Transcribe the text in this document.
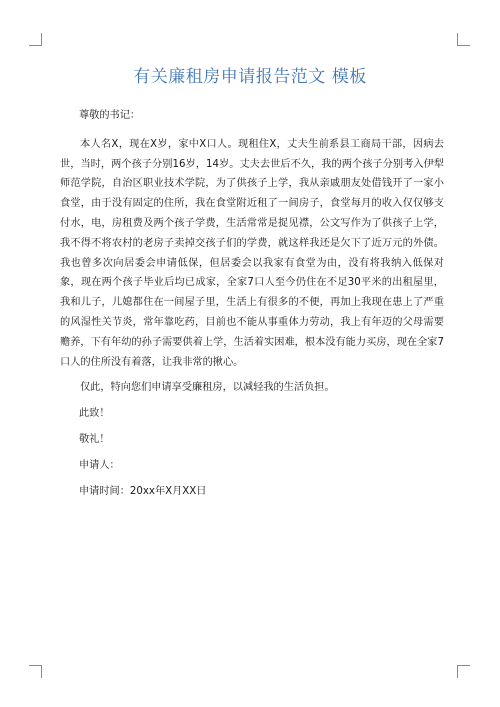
有关廉租房申请报告范文 模板

尊敬的书记：

本人名X，现在X岁，家中X口人。现租住X，丈夫生前系县工商局干部，因病去世，当时，两个孩子分别16岁，14岁。丈夫去世后不久，我的两个孩子分别考入伊犁师范学院，自治区职业技术学院，为了供孩子上学，我从亲戚朋友处借钱开了一家小食堂，由于没有固定的住所，我在食堂附近租了一间房子，食堂每月的收入仅仅够支付水，电，房租费及两个孩子学费，生活常常是捉见襟，公文写作为了供孩子上学，我不得不将农村的老房子卖掉交孩子们的学费，就这样我还是欠下了近万元的外债。我也曾多次向居委会申请低保，但居委会以我家有食堂为由，没有将我纳入低保对象，现在两个孩子毕业后均已成家，全家7口人至今仍住在不足30平米的出租屋里，我和儿子，儿媳都住在一间屋子里，生活上有很多的不便，再加上我现在患上了严重的风湿性关节炎，常年靠吃药，目前也不能从事重体力劳动，我上有年迈的父母需要赡养，下有年幼的孙子需要供着上学，生活着实困难，根本没有能力买房，现在全家7口人的住所没有着落，让我非常的揪心。

仅此，特向您们申请享受廉租房，以减轻我的生活负担。

此致！

敬礼！

申请人：

申请时间：20xx年X月XX日
